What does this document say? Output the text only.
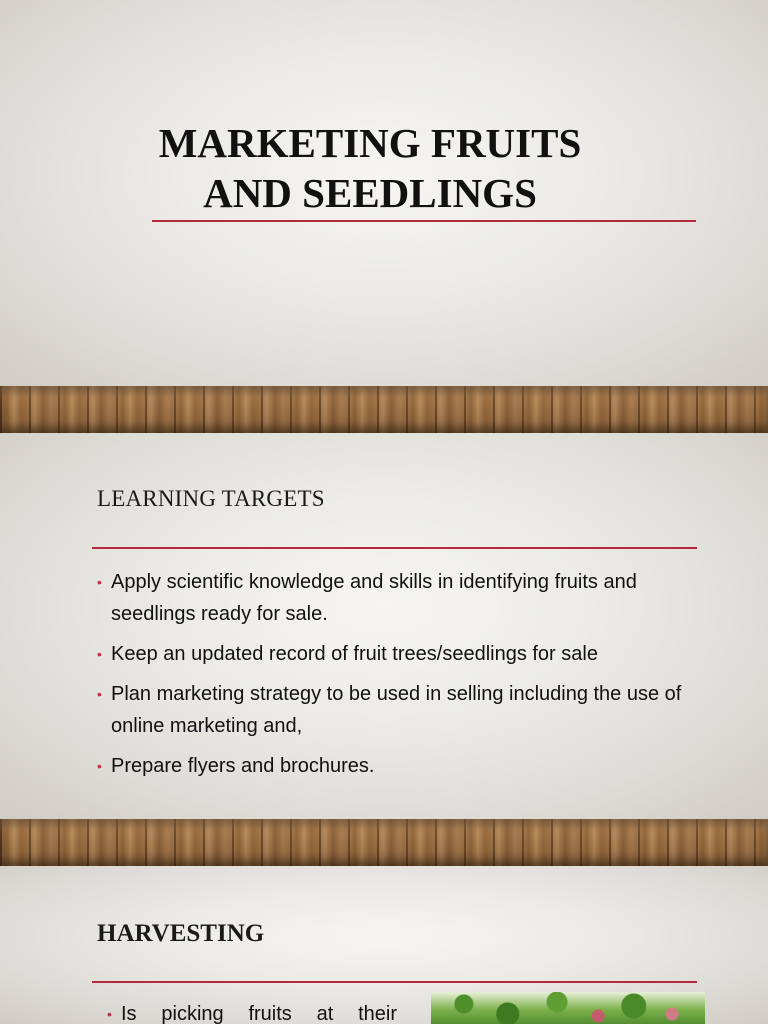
MARKETING FRUITS
AND SEEDLINGS
LEARNING TARGETS
• Apply scientific knowledge and skills in identifying fruits and seedlings ready for sale.
• Keep an updated record of fruit trees/seedlings for sale
• Plan marketing strategy to be used in selling including the use of online marketing and,
• Prepare flyers and brochures.
HARVESTING
• Is picking fruits at their
